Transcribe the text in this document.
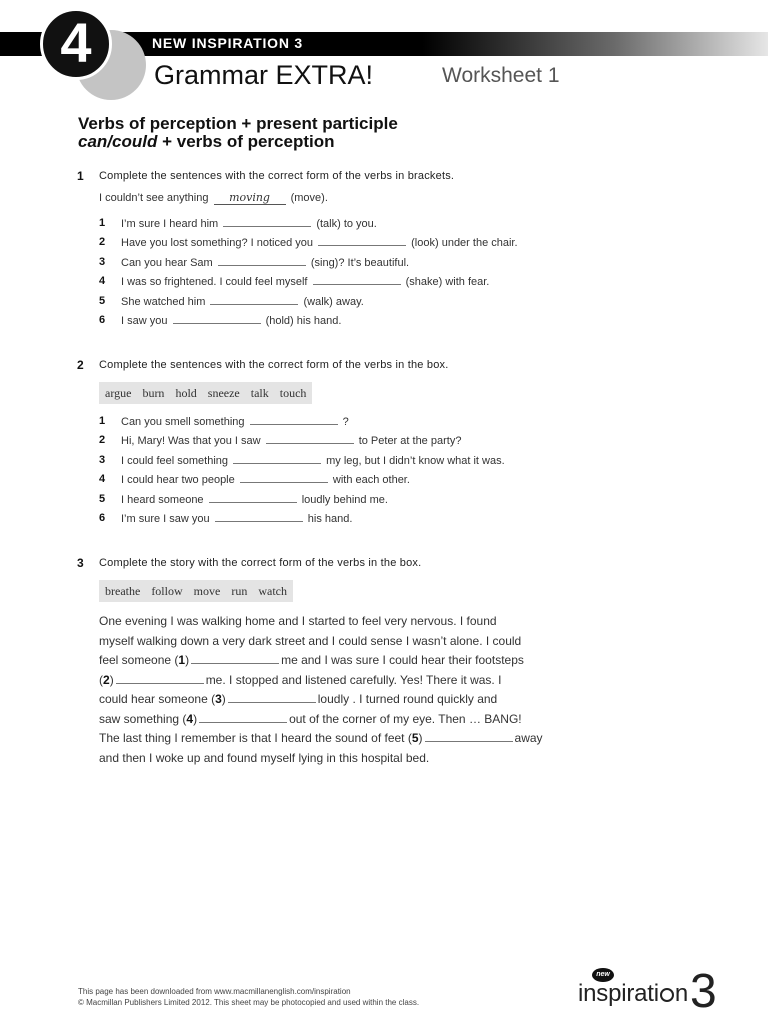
NEW INSPIRATION 3
4
Grammar EXTRA!	Worksheet 1
Verbs of perception + present participle
can/could + verbs of perception
1 Complete the sentences with the correct form of the verbs in brackets.
I couldn’t see anything moving (move).
1 I’m sure I heard him	(talk) to you.
2 Have you lost something? I noticed you	(look) under the chair.
3 Can you hear Sam	(sing)? It’s beautiful.
4 I was so frightened. I could feel myself	(shake) with fear.
5 She watched him	(walk) away.
6 I saw you	(hold) his hand.
2 Complete the sentences with the correct form of the verbs in the box.
argue burn hold sneeze talk touch
1 Can you smell something	?
2 Hi, Mary! Was that you I saw	to Peter at the party?
3 I could feel something	my leg, but I didn’t know what it was.
4 I could hear two people	with each other.
5 I heard someone	loudly behind me.
6 I’m sure I saw you	his hand.
3 Complete the story with the correct form of the verbs in the box.
breathe follow move run watch
One evening I was walking home and I started to feel very nervous. I found
myself walking down a very dark street and I could sense I wasn’t alone. I could
feel someone (1)	me and I was sure I could hear their footsteps
(2)	me. I stopped and listened carefully. Yes! There it was. I
could hear someone (3)	loudly . I turned round quickly and
saw something (4)	out of the corner of my eye. Then … BANG!
The last thing I remember is that I heard the sound of feet (5)	away
and then I woke up and found myself lying in this hospital bed.
This page has been downloaded from www.macmillanenglish.com/inspiration
© Macmillan Publishers Limited 2012. This sheet may be photocopied and used within the class.
new
inspirati n 3
